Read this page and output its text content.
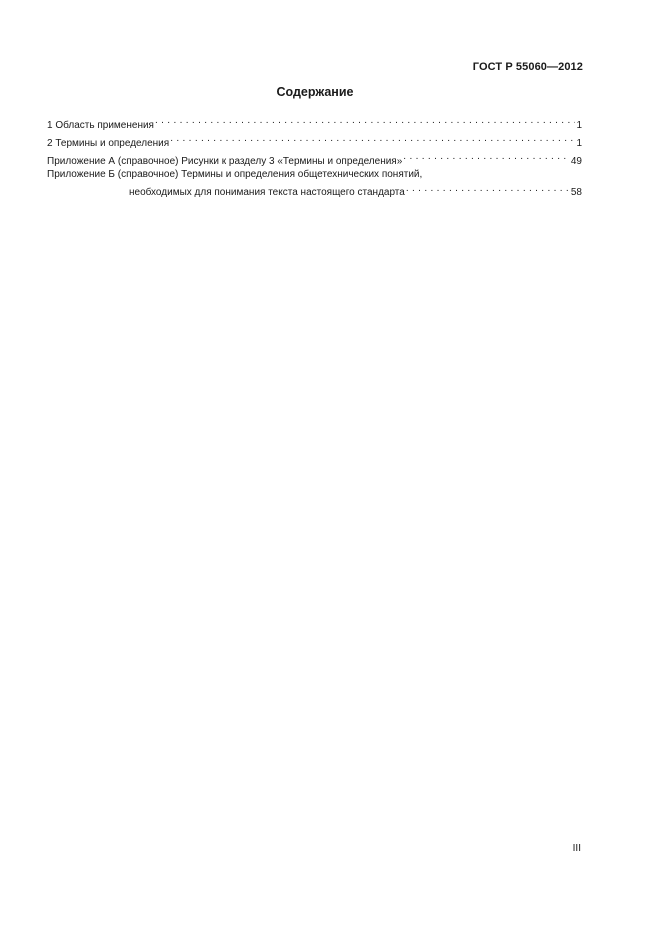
ГОСТ Р 55060—2012
Содержание
1 Область применения . . .	1
2 Термины и определения . . .	1
Приложение А (справочное) Рисунки к разделу 3 «Термины и определения» . . .	49
Приложение Б (справочное) Термины и определения общетехнических понятий,
необходимых для понимания текста настоящего стандарта . . .	58
III
